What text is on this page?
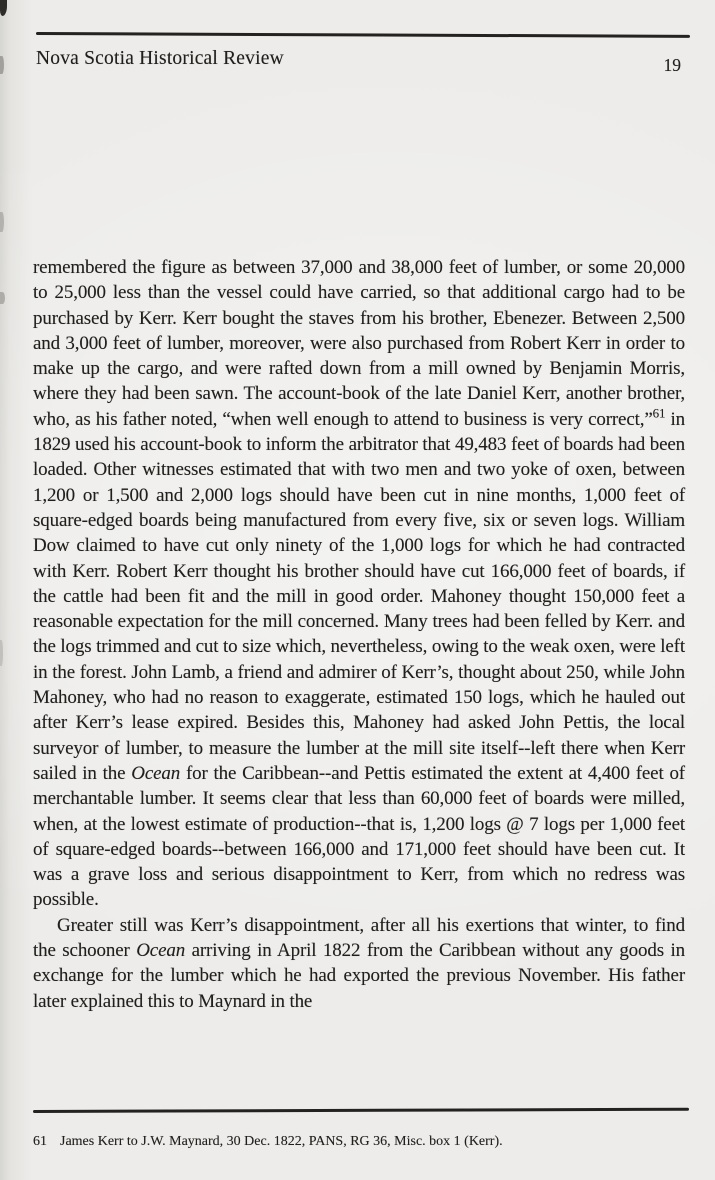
Nova Scotia Historical Review	19

remembered the figure as between 37,000 and 38,000 feet of lumber, or some 20,000 to 25,000 less than the vessel could have carried, so that additional cargo had to be purchased by Kerr. Kerr bought the staves from his brother, Ebenezer. Between 2,500 and 3,000 feet of lumber, moreover, were also purchased from Robert Kerr in order to make up the cargo, and were rafted down from a mill owned by Benjamin Morris, where they had been sawn. The account-book of the late Daniel Kerr, another brother, who, as his father noted, “when well enough to attend to business is very correct,”$^{61}$ in 1829 used his account-book to inform the arbitrator that 49,483 feet of boards had been loaded. Other witnesses estimated that with two men and two yoke of oxen, between 1,200 or 1,500 and 2,000 logs should have been cut in nine months, 1,000 feet of square-edged boards being manufactured from every five, six or seven logs. William Dow claimed to have cut only ninety of the 1,000 logs for which he had contracted with Kerr. Robert Kerr thought his brother should have cut 166,000 feet of boards, if the cattle had been fit and the mill in good order. Mahoney thought 150,000 feet a reasonable expectation for the mill concerned. Many trees had been felled by Kerr. and the logs trimmed and cut to size which, nevertheless, owing to the weak oxen, were left in the forest. John Lamb, a friend and admirer of Kerr’s, thought about 250, while John Mahoney, who had no reason to exaggerate, estimated 150 logs, which he hauled out after Kerr’s lease expired. Besides this, Mahoney had asked John Pettis, the local surveyor of lumber, to measure the lumber at the mill site itself--left there when Kerr sailed in the Ocean for the Caribbean--and Pettis estimated the extent at 4,400 feet of merchantable lumber. It seems clear that less than 60,000 feet of boards were milled, when, at the lowest estimate of production--that is, 1,200 logs @ 7 logs per 1,000 feet of square-edged boards--between 166,000 and 171,000 feet should have been cut. It was a grave loss and serious disappointment to Kerr, from which no redress was possible.

Greater still was Kerr’s disappointment, after all his exertions that winter, to find the schooner Ocean arriving in April 1822 from the Caribbean without any goods in exchange for the lumber which he had exported the previous November. His father later explained this to Maynard in the

61 James Kerr to J.W. Maynard, 30 Dec. 1822, PANS, RG 36, Misc. box 1 (Kerr).
